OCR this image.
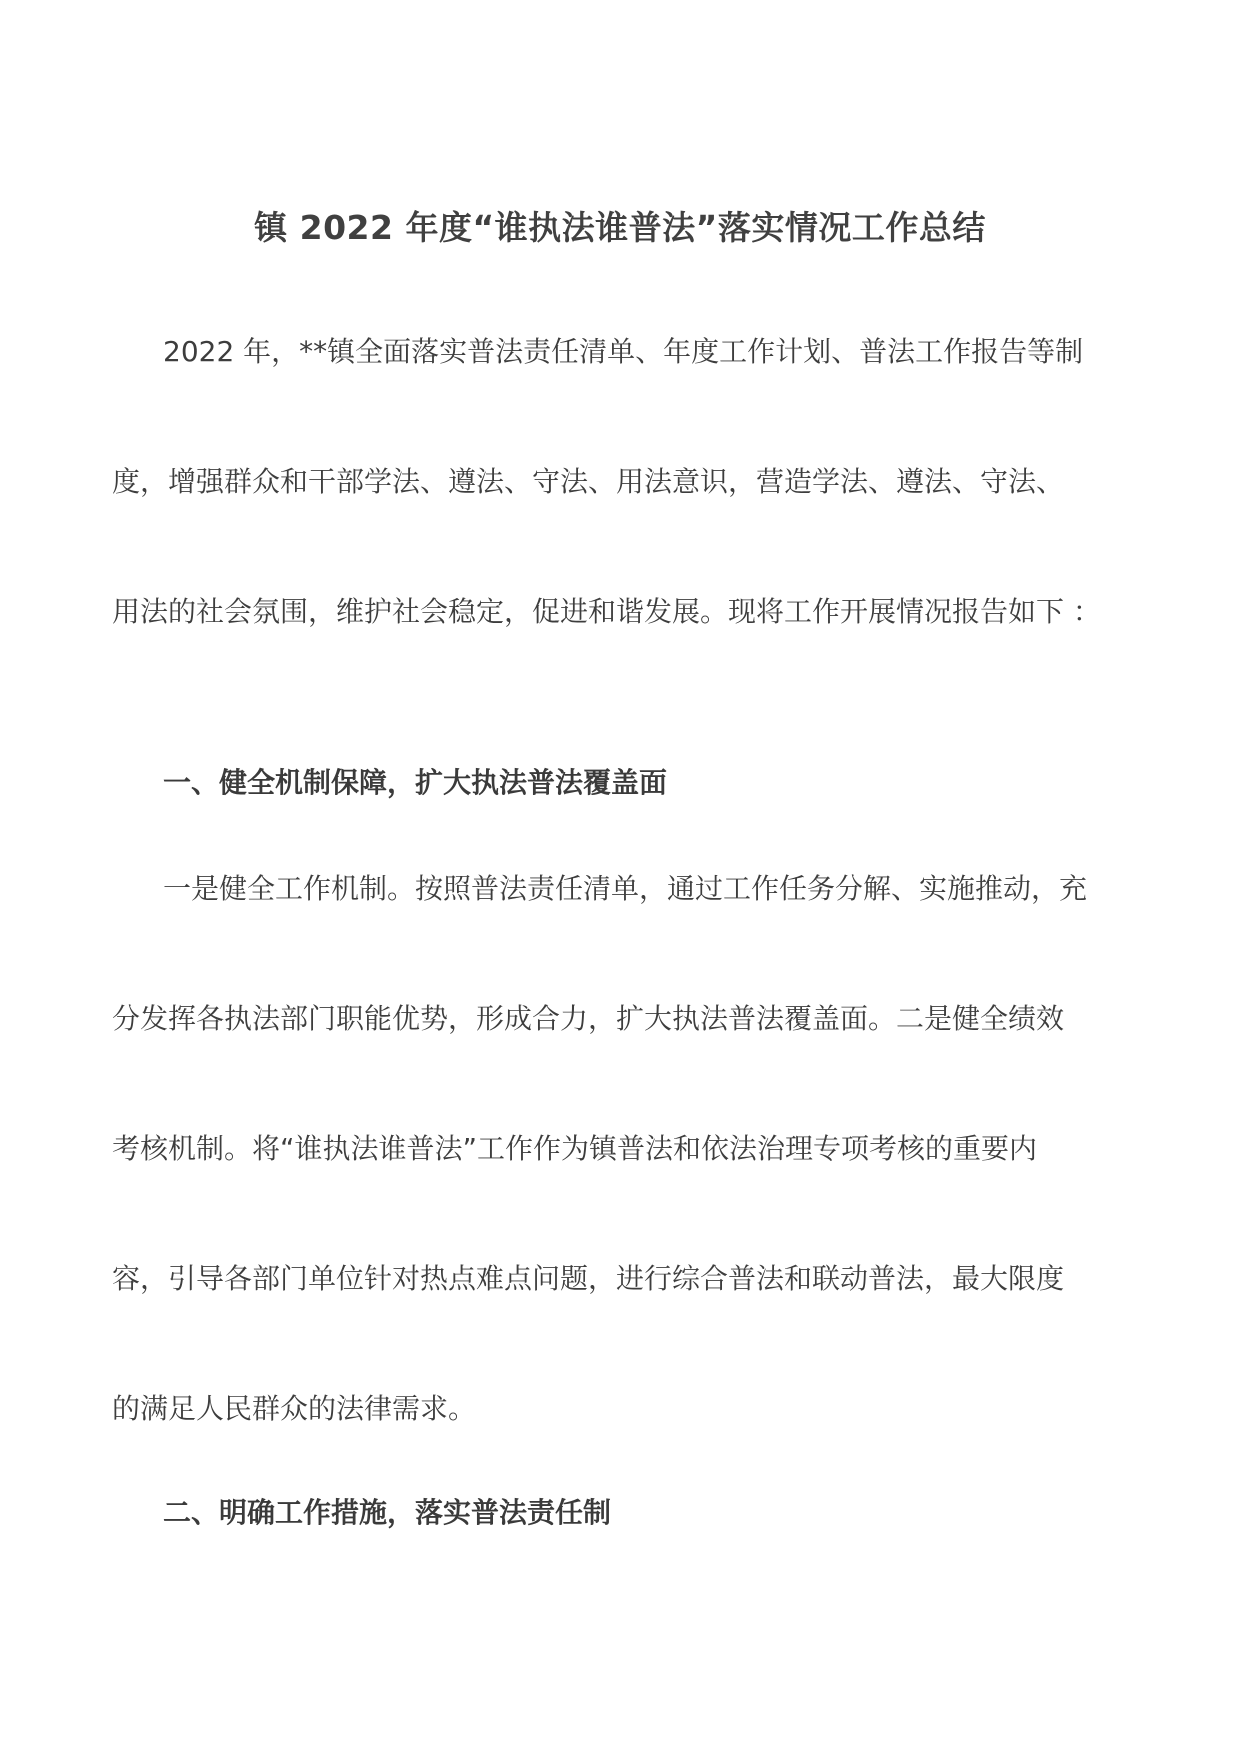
镇 2022 年度“谁执法谁普法”落实情况工作总结
2022 年，**镇全面落实普法责任清单、年度工作计划、普法工作报告等制
度，增强群众和干部学法、遵法、守法、用法意识，营造学法、遵法、守法、
用法的社会氛围，维护社会稳定，促进和谐发展。现将工作开展情况报告如下 ：
一、健全机制保障，扩大执法普法覆盖面
一是健全工作机制。按照普法责任清单，通过工作任务分解、实施推动，充
分发挥各执法部门职能优势，形成合力，扩大执法普法覆盖面。二是健全绩效
考核机制。将“谁执法谁普法”工作作为镇普法和依法治理专项考核的重要内
容，引导各部门单位针对热点难点问题，进行综合普法和联动普法，最大限度
的满足人民群众的法律需求。
二、明确工作措施，落实普法责任制
